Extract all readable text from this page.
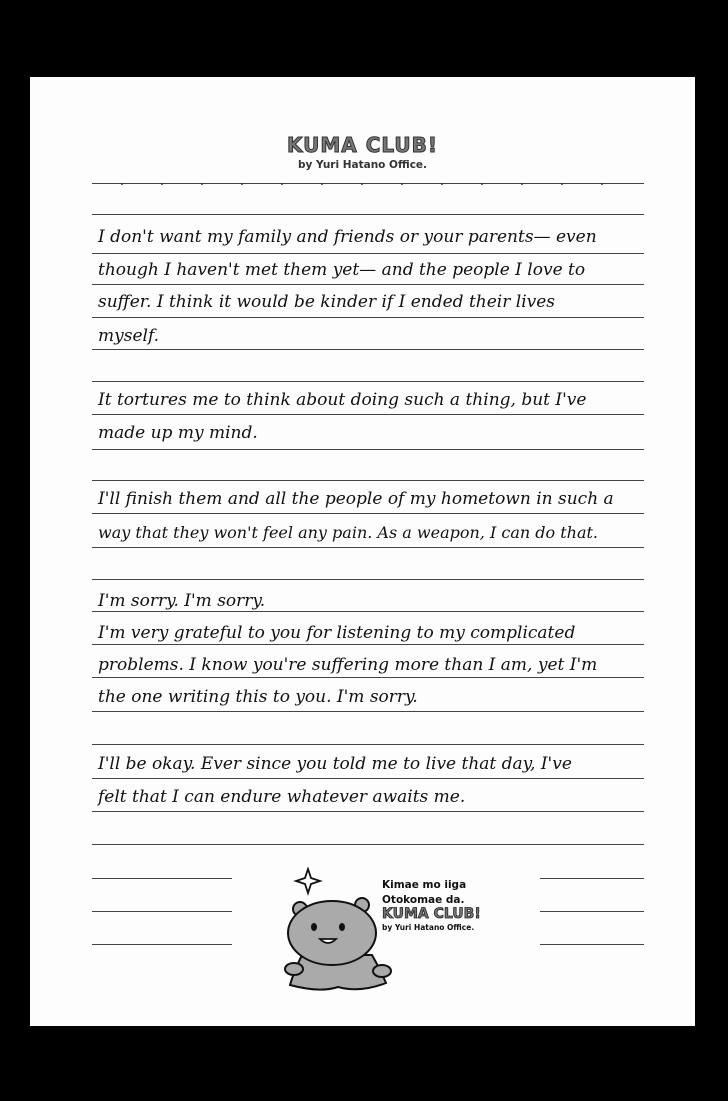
KUMA CLUB!
by Yuri Hatano Office.
I don't want my family and friends or your parents— even
though I haven't met them yet— and the people I love to
suffer. I think it would be kinder if I ended their lives
myself.
It tortures me to think about doing such a thing, but I've
made up my mind.
I'll finish them and all the people of my hometown in such a
way that they won't feel any pain. As a weapon, I can do that.
I'm sorry. I'm sorry.
I'm very grateful to you for listening to my complicated
problems. I know you're suffering more than I am, yet I'm
the one writing this to you. I'm sorry.
I'll be okay. Ever since you told me to live that day, I've
felt that I can endure whatever awaits me.
Kimae mo iiga
Otokomae da.
KUMA CLUB!
by Yuri Hatano Office.
